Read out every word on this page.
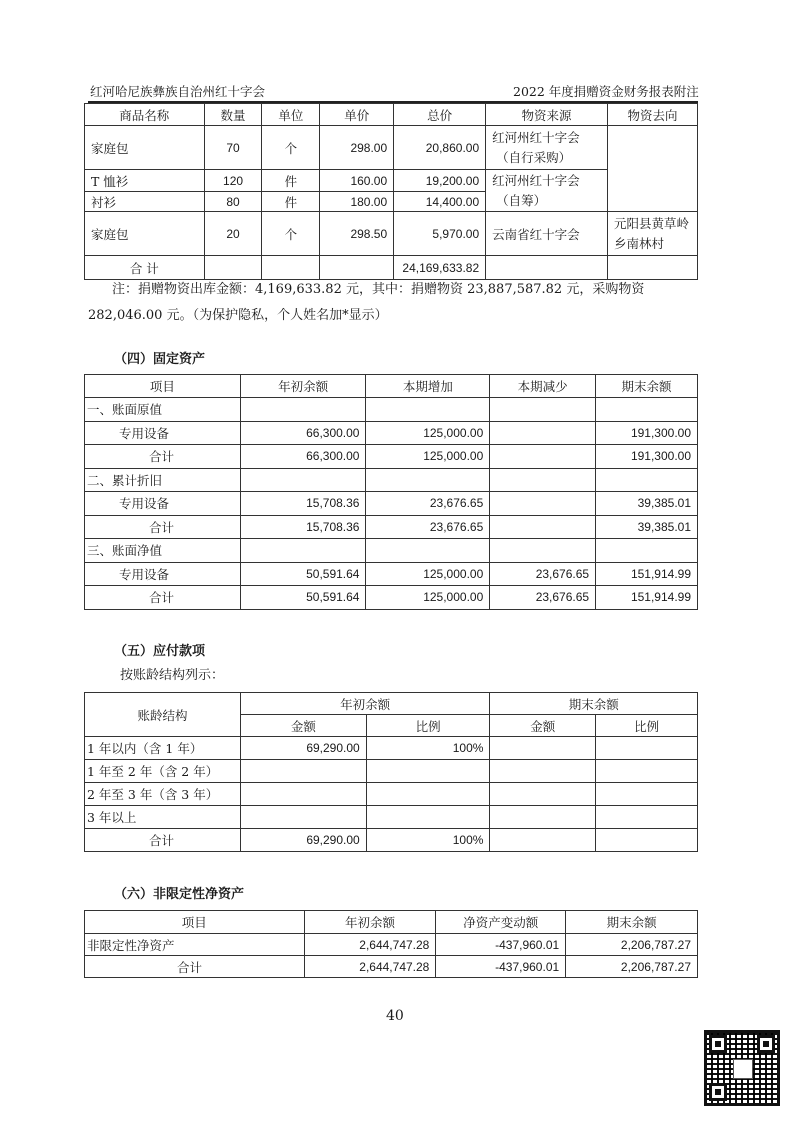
红河哈尼族彝族自治州红十字会	2022 年度捐赠资金财务报表附注
商品名称	数量	单位	单价	总价	物资来源	物资去向
家庭包	70	个	298.00	20,860.00	红河州红十字会
（自行采购）	

T 恤衫	120	件	160.00	19,200.00	红河州红十字会
（自筹）	

衬衫	80	件	180.00	14,400.00		
家庭包	20	个	298.50	5,970.00	云南省红十字会	元阳县黄草岭
乡南林村

合 计				24,169,633.82		
注：捐赠物资出库金额：4,169,633.82 元，其中：捐赠物资 23,887,587.82 元，采购物资
282,046.00 元。（为保护隐私，个人姓名加*显示）
（四）固定资产
项目	年初余额	本期增加	本期减少	期末余额
一、账面原值				
专用设备	66,300.00	125,000.00		191,300.00
合计	66,300.00	125,000.00		191,300.00
二、累计折旧				
专用设备	15,708.36	23,676.65		39,385.01
合计	15,708.36	23,676.65		39,385.01
三、账面净值				
专用设备	50,591.64	125,000.00	23,676.65	151,914.99
合计	50,591.64	125,000.00	23,676.65	151,914.99
（五）应付款项
按账龄结构列示：
账龄结构	年初余额		期末余额	
	金额	比例	金额	比例
1 年以内（含 1 年）	69,290.00	100%		
1 年至 2 年（含 2 年）				
2 年至 3 年（含 3 年）				
3 年以上				
合计	69,290.00	100%		
（六）非限定性净资产
项目	年初余额	净资产变动额	期末余额
非限定性净资产	2,644,747.28	-437,960.01	2,206,787.27
合计	2,644,747.28	-437,960.01	2,206,787.27
40
